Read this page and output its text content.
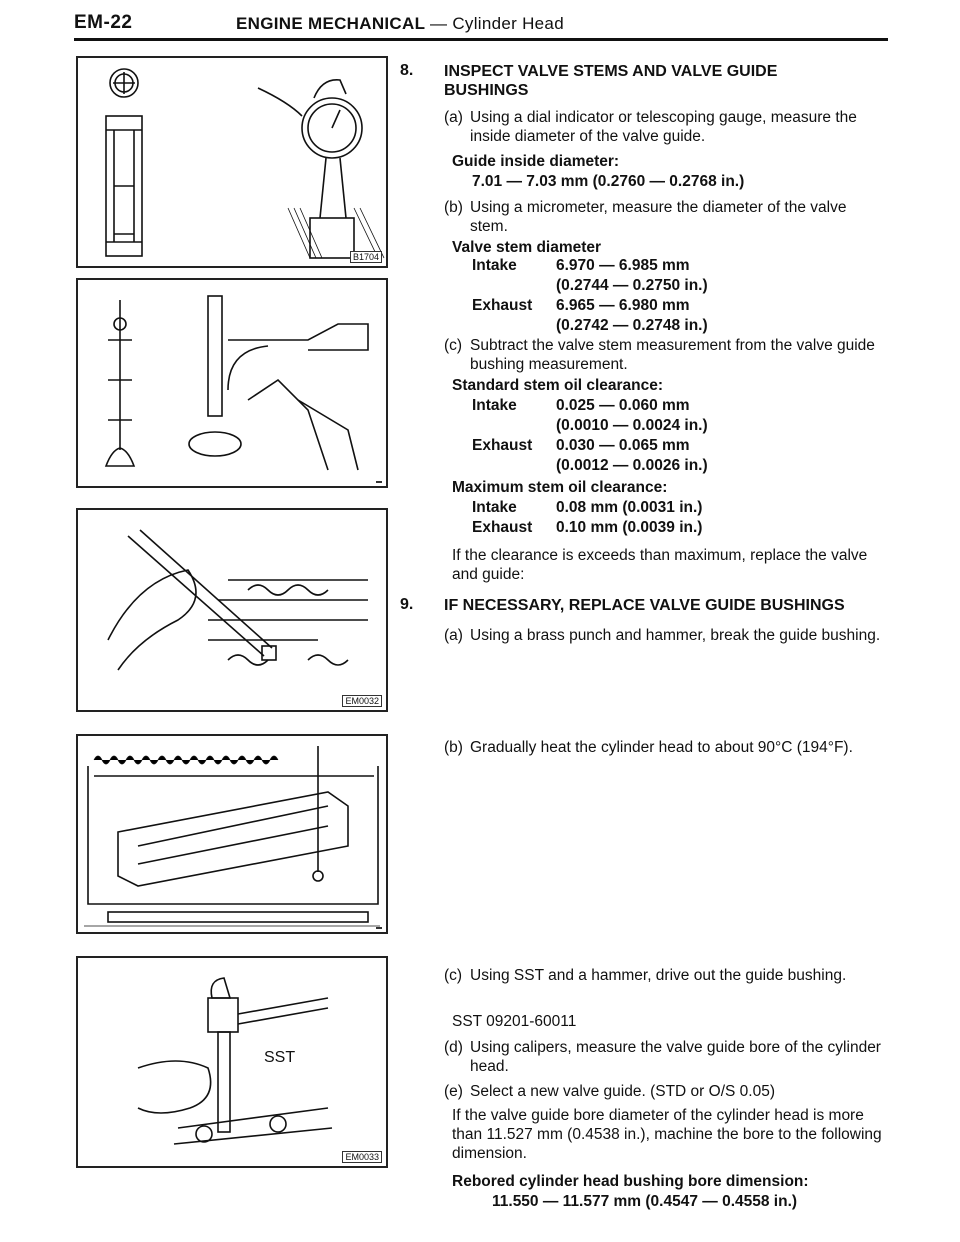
EM-22	ENGINE MECHANICAL — Cylinder Head
B1704
EM0032
SST
EM0033
8. INSPECT VALVE STEMS AND VALVE GUIDE BUSHINGS
(a) Using a dial indicator or telescoping gauge, measure the inside diameter of the valve guide.
Guide inside diameter:
7.01 — 7.03 mm (0.2760 — 0.2768 in.)
(b) Using a micrometer, measure the diameter of the valve stem.
Valve stem diameter
Intake	6.970 — 6.985 mm
(0.2744 — 0.2750 in.)
Exhaust 6.965 — 6.980 mm
(0.2742 — 0.2748 in.)
(c) Subtract the valve stem measurement from the valve guide bushing measurement.
Standard stem oil clearance:
Intake	0.025 — 0.060 mm
(0.0010 — 0.0024 in.)
Exhaust 0.030 — 0.065 mm
(0.0012 — 0.0026 in.)
Maximum stem oil clearance:
Intake	0.08 mm (0.0031 in.)
Exhaust 0.10 mm (0.0039 in.)
If the clearance is exceeds than maximum, replace the valve and guide:
9. IF NECESSARY, REPLACE VALVE GUIDE BUSHINGS
(a) Using a brass punch and hammer, break the guide bushing.
(b) Gradually heat the cylinder head to about 90°C (194°F).
(c) Using SST and a hammer, drive out the guide bushing.
SST 09201-60011
(d) Using calipers, measure the valve guide bore of the cylinder head.
(e) Select a new valve guide. (STD or O/S 0.05)
If the valve guide bore diameter of the cylinder head is more than 11.527 mm (0.4538 in.), machine the bore to the following dimension.
Rebored cylinder head bushing bore dimension:
11.550 — 11.577 mm (0.4547 — 0.4558 in.)
